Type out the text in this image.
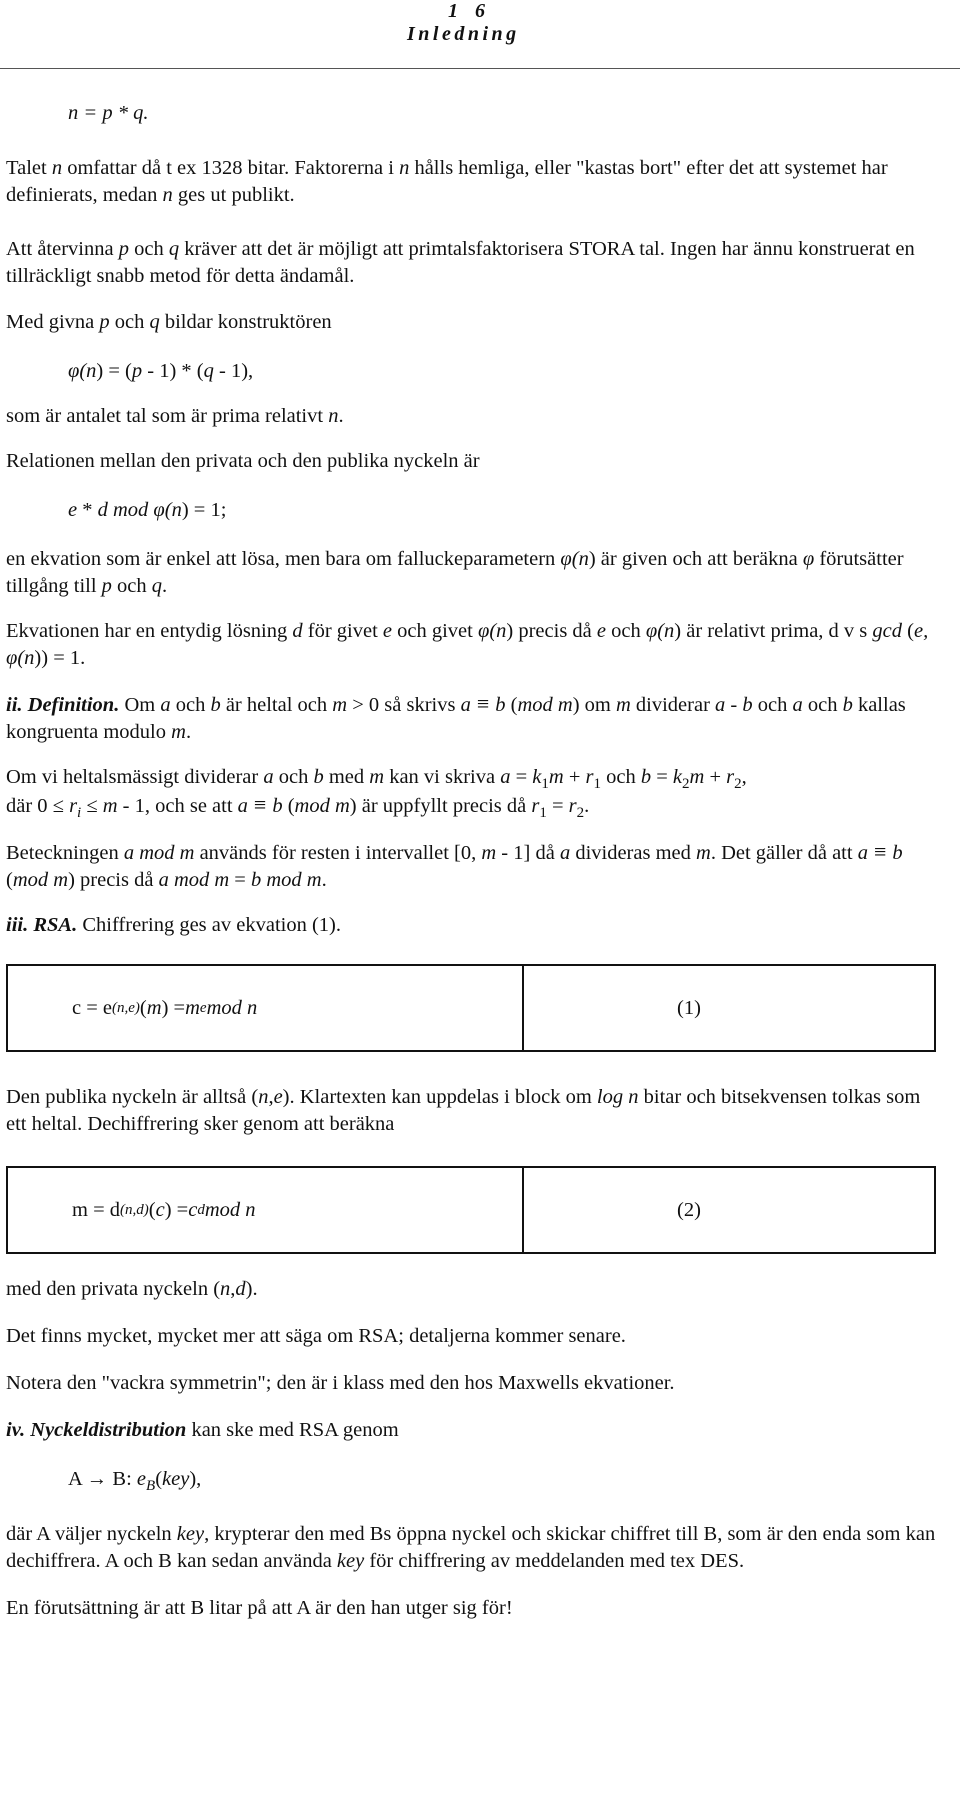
1 6
Inledning

n = p * q.

Talet n omfattar då t ex 1328 bitar. Faktorerna i n hålls hemliga, eller "kastas bort" efter det att systemet har definierats, medan n ges ut publikt.

Att återvinna p och q kräver att det är möjligt att primtalsfaktorisera STORA tal. Ingen har ännu konstruerat en tillräckligt snabb metod för detta ändamål.

Med givna p och q bildar konstruktören

φ(n) = (p - 1) * (q - 1),

som är antalet tal som är prima relativt n.

Relationen mellan den privata och den publika nyckeln är

e * d mod φ(n) = 1;

en ekvation som är enkel att lösa, men bara om falluckeparametern φ(n) är given och att beräkna φ förutsätter tillgång till p och q.

Ekvationen har en entydig lösning d för givet e och givet φ(n) precis då e och φ(n) är relativt prima, d v s gcd (e, φ(n)) = 1.

ii. Definition. Om a och b är heltal och m > 0 så skrivs a ≡ b (mod m) om m dividerar a - b och a och b kallas kongruenta modulo m.

Om vi heltalsmässigt dividerar a och b med m kan vi skriva $a = k_1m + r_1$ och $b = k_2m + r_2$,
där $0 \le r_i \le m - 1$, och se att a ≡ b (mod m) är uppfyllt precis då $r_1 = r_2$.

Beteckningen a mod m används för resten i intervallet [0, m - 1] då a divideras med m. Det gäller då att a ≡ b (mod m) precis då a mod m = b mod m.

iii. RSA. Chiffrering ges av ekvation (1).

c = e (n,e) ( m ) = m e mod n	(1)

Den publika nyckeln är alltså (n,e). Klartexten kan uppdelas i block om log n bitar och bitsekvensen tolkas som ett heltal. Dechiffrering sker genom att beräkna

m = d (n,d) ( c ) = c d mod n	(2)

med den privata nyckeln (n,d).

Det finns mycket, mycket mer att säga om RSA; detaljerna kommer senare.

Notera den "vackra symmetrin"; den är i klass med den hos Maxwells ekvationer.

iv. Nyckeldistribution kan ske med RSA genom

A → B: $e_B(key)$,

där A väljer nyckeln key, krypterar den med Bs öppna nyckel och skickar chiffret till B, som är den enda som kan dechiffrera. A och B kan sedan använda key för chiffrering av meddelanden med tex DES.

En förutsättning är att B litar på att A är den han utger sig för!
